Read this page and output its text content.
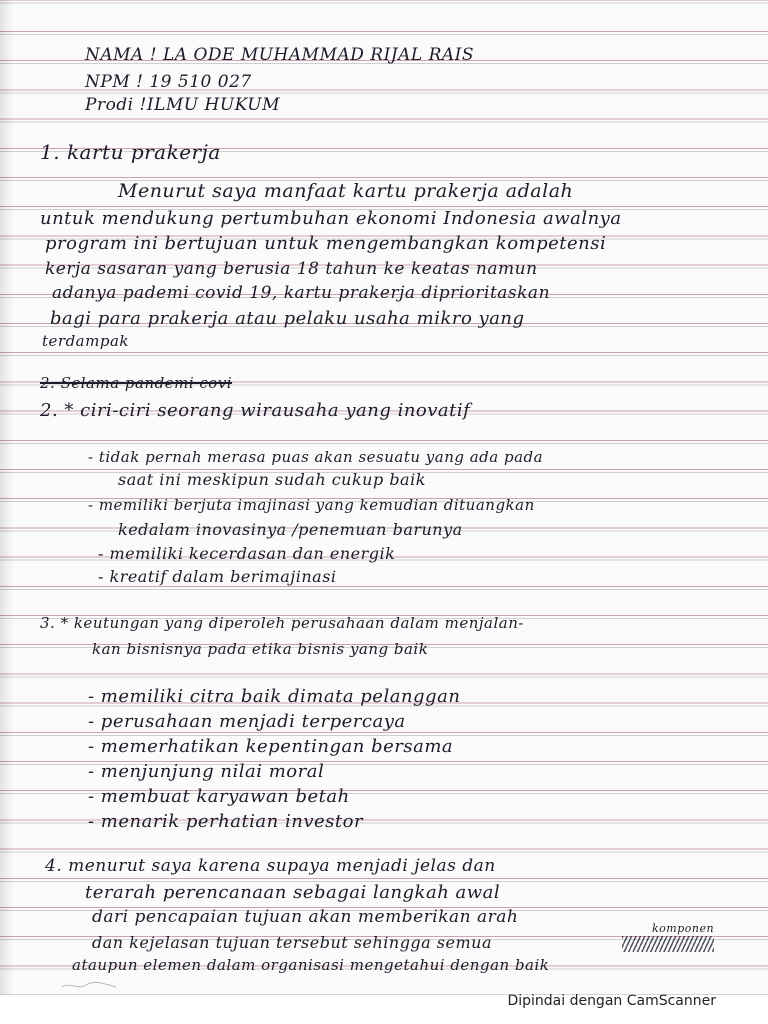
NAMA ! LA ODE MUHAMMAD RIJAL RAIS

NPM ! 19 510 027

Prodi !ILMU HUKUM

1. kartu prakerja

Menurut saya manfaat kartu prakerja adalah

untuk mendukung pertumbuhan ekonomi Indonesia awalnya

program ini bertujuan untuk mengembangkan kompetensi

kerja sasaran yang berusia 18 tahun ke keatas namun

adanya pademi covid 19, kartu prakerja diprioritaskan

bagi para prakerja atau pelaku usaha mikro yang

terdampak

2. Selama pandemi covi

2. * ciri-ciri seorang wirausaha yang inovatif

- tidak pernah merasa puas akan sesuatu yang ada pada

saat ini meskipun sudah cukup baik

- memiliki berjuta imajinasi yang kemudian dituangkan

kedalam inovasinya /penemuan barunya

- memiliki kecerdasan dan energik

- kreatif dalam berimajinasi

3. * keutungan yang diperoleh perusahaan dalam menjalan-

kan bisnisnya pada etika bisnis yang baik

- memiliki citra baik dimata pelanggan

- perusahaan menjadi terpercaya

- memerhatikan kepentingan bersama

- menjunjung nilai moral

- membuat karyawan betah

- menarik perhatian investor

4. menurut saya karena supaya menjadi jelas dan

terarah perencanaan sebagai langkah awal

dari pencapaian tujuan akan memberikan arah

komponen

dan kejelasan tujuan tersebut sehingga semua

ataupun elemen dalam organisasi mengetahui dengan baik

Dipindai dengan CamScanner
